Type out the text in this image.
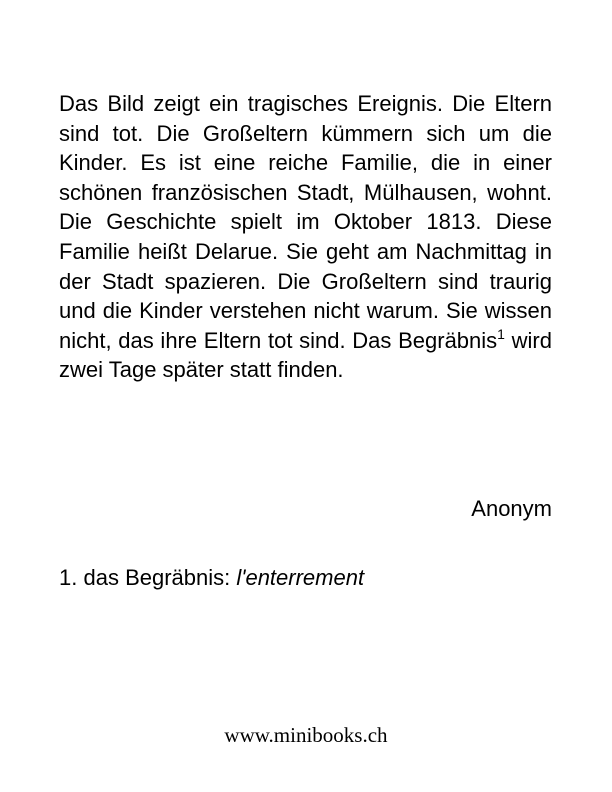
Das Bild zeigt ein tragisches Ereignis. Die Eltern sind tot. Die Großeltern kümmern sich um die Kinder. Es ist eine reiche Familie, die in einer schönen französischen Stadt, Mülhausen, wohnt. Die Geschichte spielt im Oktober 1813. Diese Familie heißt Delarue. Sie geht am Nachmittag in der Stadt spazieren. Die Großeltern sind traurig und die Kinder verstehen nicht warum. Sie wissen nicht, das ihre Eltern tot sind. Das Begräbnis$^1$ wird zwei Tage später statt finden.

Anonym
1. das Begräbnis: l'enterrement
www.minibooks.ch
